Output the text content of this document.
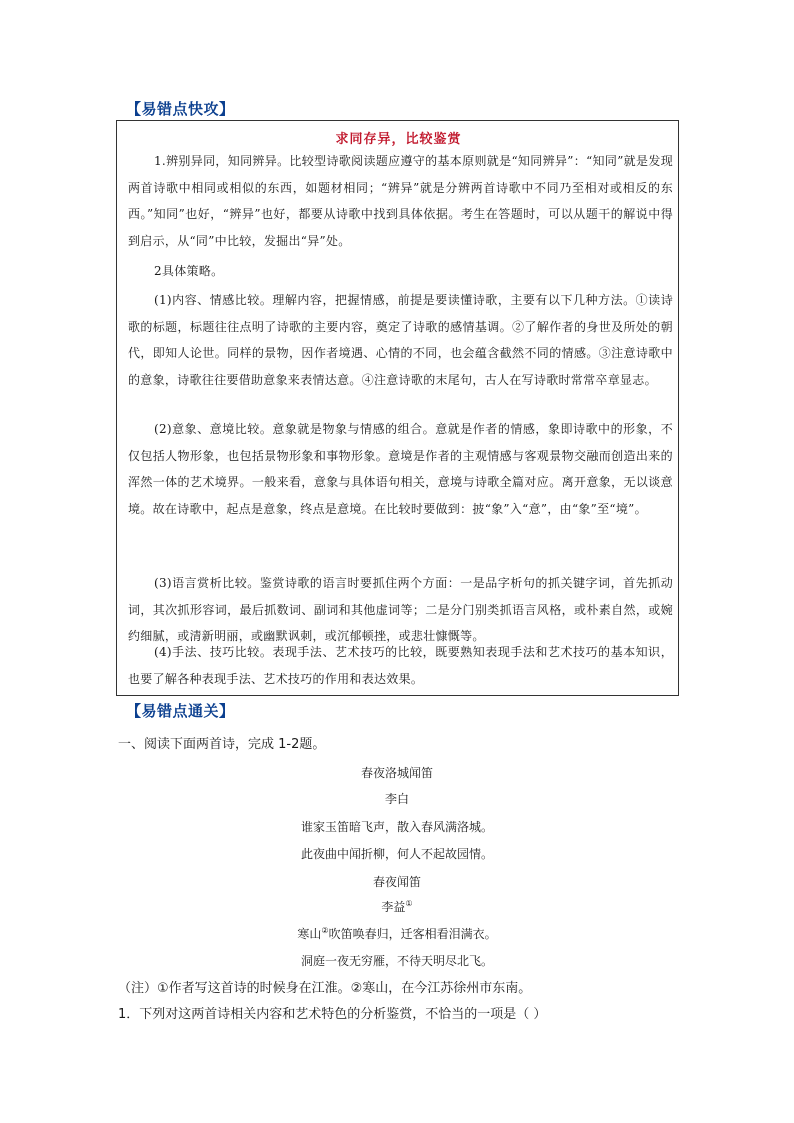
【易错点快攻】
求同存异，比较鉴赏
1.辨别异同，知同辨异。比较型诗歌阅读题应遵守的基本原则就是“知同辨异”：“知同”就是发现两首诗歌中相同或相似的东西，如题材相同；“辨异”就是分辨两首诗歌中不同乃至相对或相反的东西。”知同”也好，“辨异”也好，都要从诗歌中找到具体依据。考生在答题时，可以从题干的解说中得到启示，从“同”中比较，发掘出“异”处。
2具体策略。
(1)内容、情感比较。理解内容，把握情感，前提是要读懂诗歌，主要有以下几种方法。①读诗歌的标题，标题往往点明了诗歌的主要内容，奠定了诗歌的感情基调。②了解作者的身世及所处的朝代，即知人论世。同样的景物，因作者境遇、心情的不同，也会蕴含截然不同的情感。③注意诗歌中的意象，诗歌往往要借助意象来表情达意。④注意诗歌的末尾句，古人在写诗歌时常常卒章显志。
(2)意象、意境比较。意象就是物象与情感的组合。意就是作者的情感，象即诗歌中的形象，不仅包括人物形象，也包括景物形象和事物形象。意境是作者的主观情感与客观景物交融而创造出来的浑然一体的艺术境界。一般来看，意象与具体语句相关，意境与诗歌全篇对应。离开意象，无以谈意境。故在诗歌中，起点是意象，终点是意境。在比较时要做到：披“象”入“意”，由“象”至“境”。
(3)语言赏析比较。鉴赏诗歌的语言时要抓住两个方面：一是品字析句的抓关键字词，首先抓动词，其次抓形容词，最后抓数词、副词和其他虚词等；二是分门别类抓语言风格，或朴素自然，或婉约细腻，或清新明丽，或幽默讽刺，或沉郁顿挫，或悲壮慷慨等。
(4)手法、技巧比较。表现手法、艺术技巧的比较，既要熟知表现手法和艺术技巧的基本知识，也要了解各种表现手法、艺术技巧的作用和表达效果。
【易错点通关】
一、阅读下面两首诗，完成 1-2题。
春夜洛城闻笛
李白
谁家玉笛暗飞声，散入春风满洛城。
此夜曲中闻折柳，何人不起故园情。
春夜闻笛
李益①
寒山②吹笛唤春归，迁客相看泪满衣。
洞庭一夜无穷雁，不待天明尽北飞。
（注）①作者写这首诗的时候身在江淮。②寒山，在今江苏徐州市东南。
1．下列对这两首诗相关内容和艺术特色的分析鉴赏，不恰当的一项是（ ）
